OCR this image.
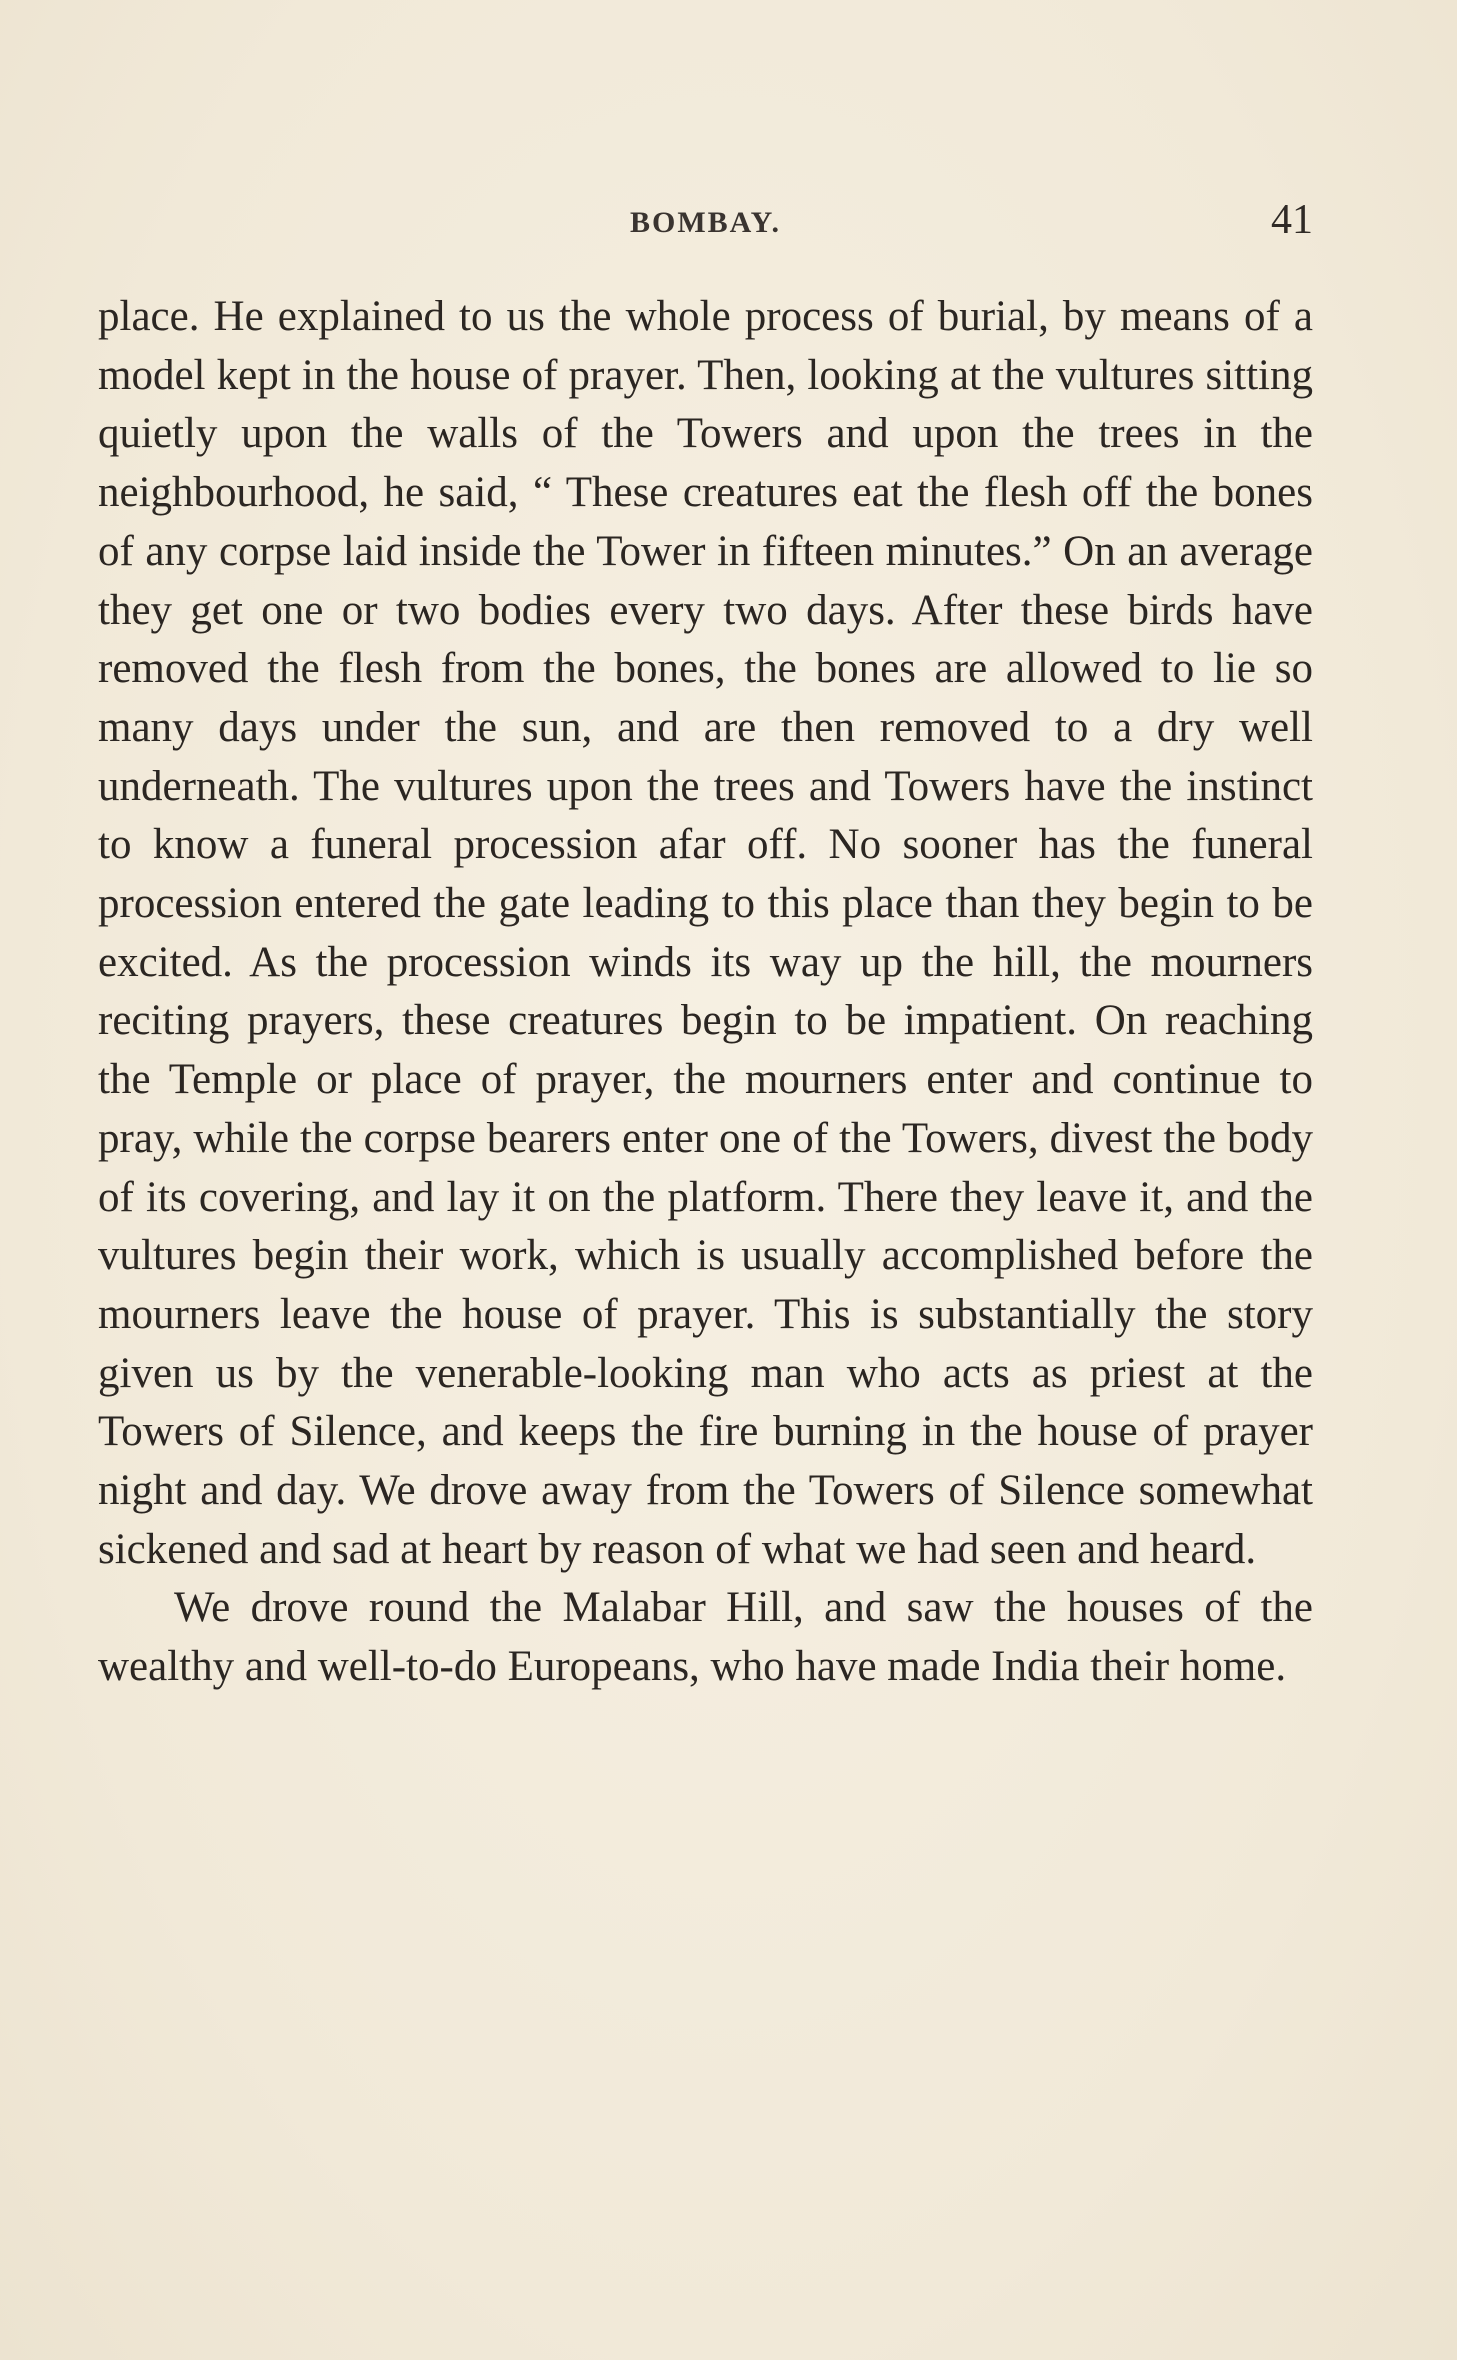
BOMBAY.	41

place. He explained to us the whole process of burial, by means of a model kept in the house of prayer. Then, looking at the vultures sitting quietly upon the walls of the Towers and upon the trees in the neighbourhood, he said, “ These creatures eat the flesh off the bones of any corpse laid inside the Tower in fifteen minutes.” On an average they get one or two bodies every two days. After these birds have removed the flesh from the bones, the bones are allowed to lie so many days under the sun, and are then removed to a dry well underneath. The vultures upon the trees and Towers have the instinct to know a funeral procession afar off. No sooner has the funeral procession entered the gate leading to this place than they begin to be excited. As the procession winds its way up the hill, the mourners reciting prayers, these creatures begin to be impatient. On reaching the Temple or place of prayer, the mourners enter and continue to pray, while the corpse bearers enter one of the Towers, divest the body of its covering, and lay it on the platform. There they leave it, and the vultures begin their work, which is usually accomplished before the mourners leave the house of prayer. This is substantially the story given us by the venerable-looking man who acts as priest at the Towers of Silence, and keeps the fire burning in the house of prayer night and day. We drove away from the Towers of Silence somewhat sickened and sad at heart by reason of what we had seen and heard.

We drove round the Malabar Hill, and saw the houses of the wealthy and well-to-do Europeans, who have made India their home.
